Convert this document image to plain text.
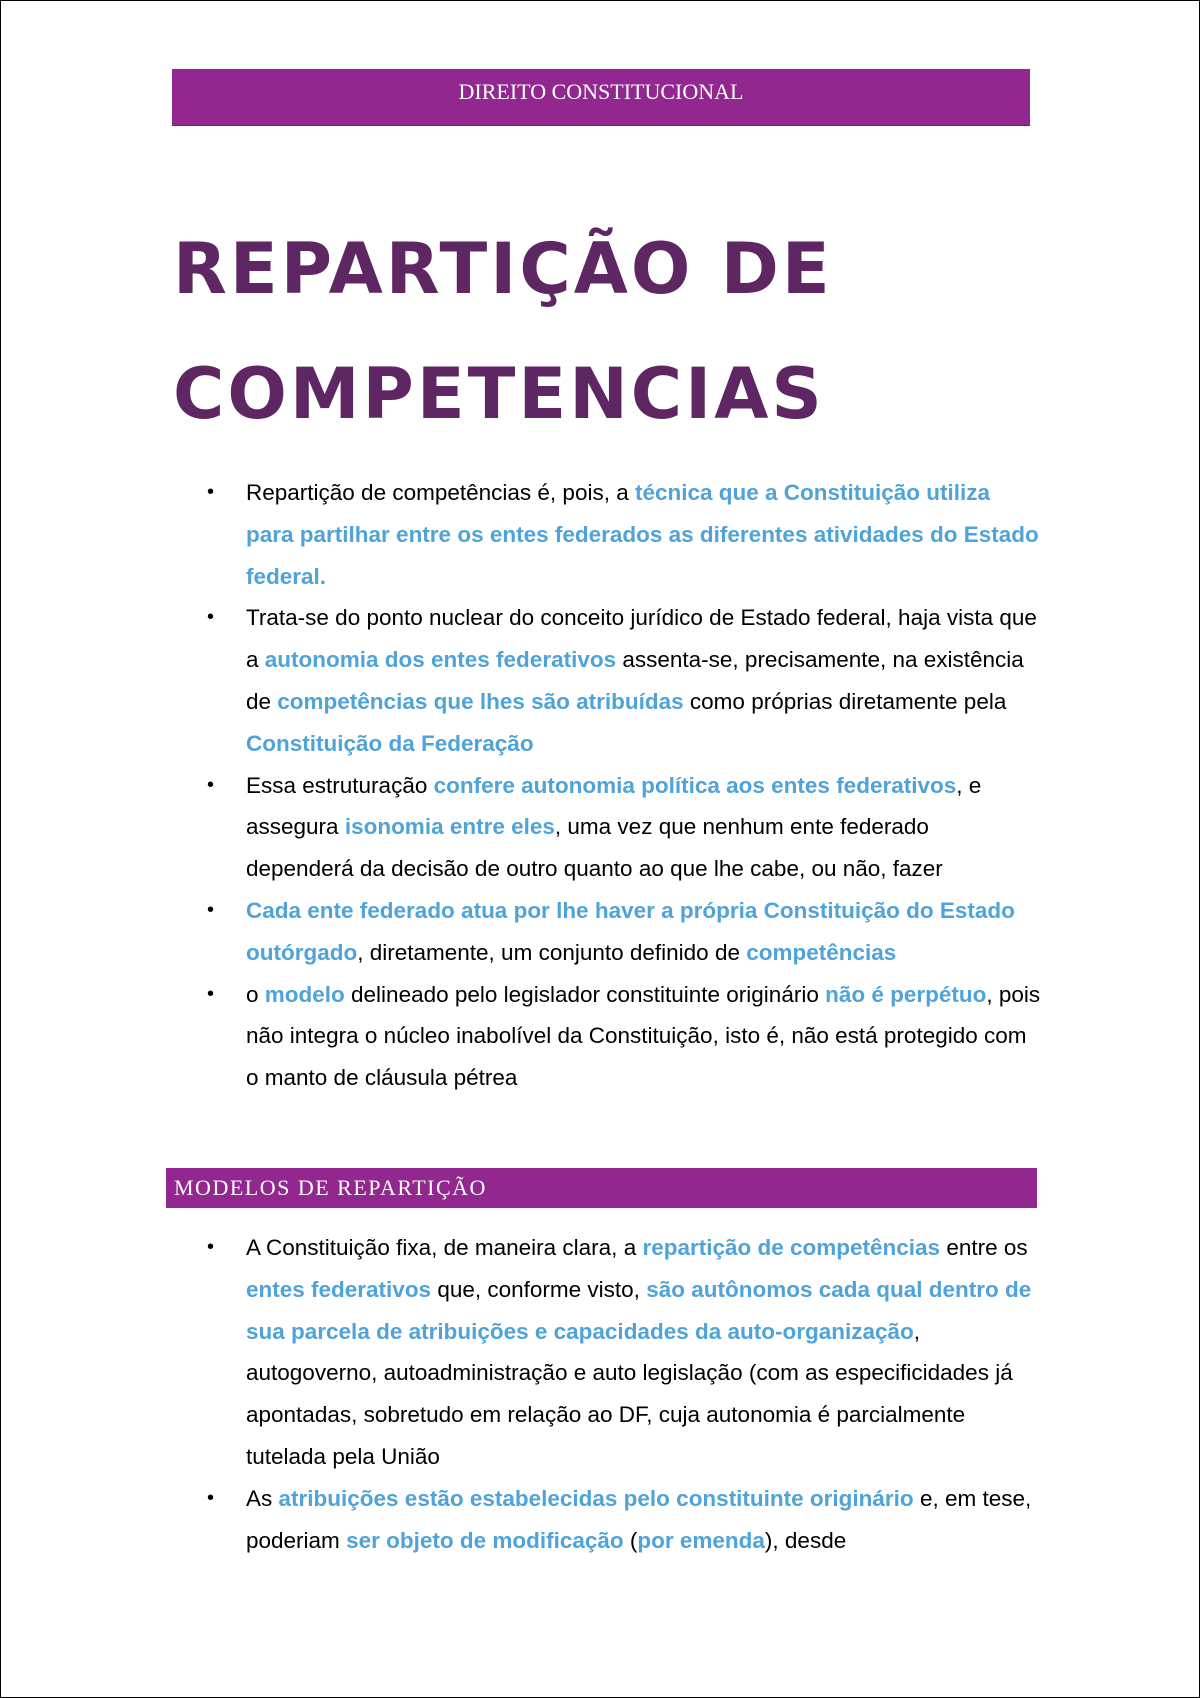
DIREITO CONSTITUCIONAL
REPARTIÇÃO DE
COMPETENCIAS
• Repartição de competências é, pois, a técnica que a Constituição utiliza para partilhar entre os entes federados as diferentes atividades do Estado federal.
• Trata-se do ponto nuclear do conceito jurídico de Estado federal, haja vista que a autonomia dos entes federativos assenta-se, precisamente, na existência de competências que lhes são atribuídas como próprias diretamente pela Constituição da Federação
• Essa estruturação confere autonomia política aos entes federativos, e assegura isonomia entre eles, uma vez que nenhum ente federado dependerá da decisão de outro quanto ao que lhe cabe, ou não, fazer
• Cada ente federado atua por lhe haver a própria Constituição do Estado outórgado, diretamente, um conjunto definido de competências
• o modelo delineado pelo legislador constituinte originário não é perpétuo, pois não integra o núcleo inabolível da Constituição, isto é, não está protegido com o manto de cláusula pétrea
MODELOS DE REPARTIÇÃO
• A Constituição fixa, de maneira clara, a repartição de competências entre os entes federativos que, conforme visto, são autônomos cada qual dentro de sua parcela de atribuições e capacidades da auto-organização, autogoverno, autoadministração e auto legislação (com as especificidades já apontadas, sobretudo em relação ao DF, cuja autonomia é parcialmente tutelada pela União
• As atribuições estão estabelecidas pelo constituinte originário e, em tese, poderiam ser objeto de modificação (por emenda), desde
